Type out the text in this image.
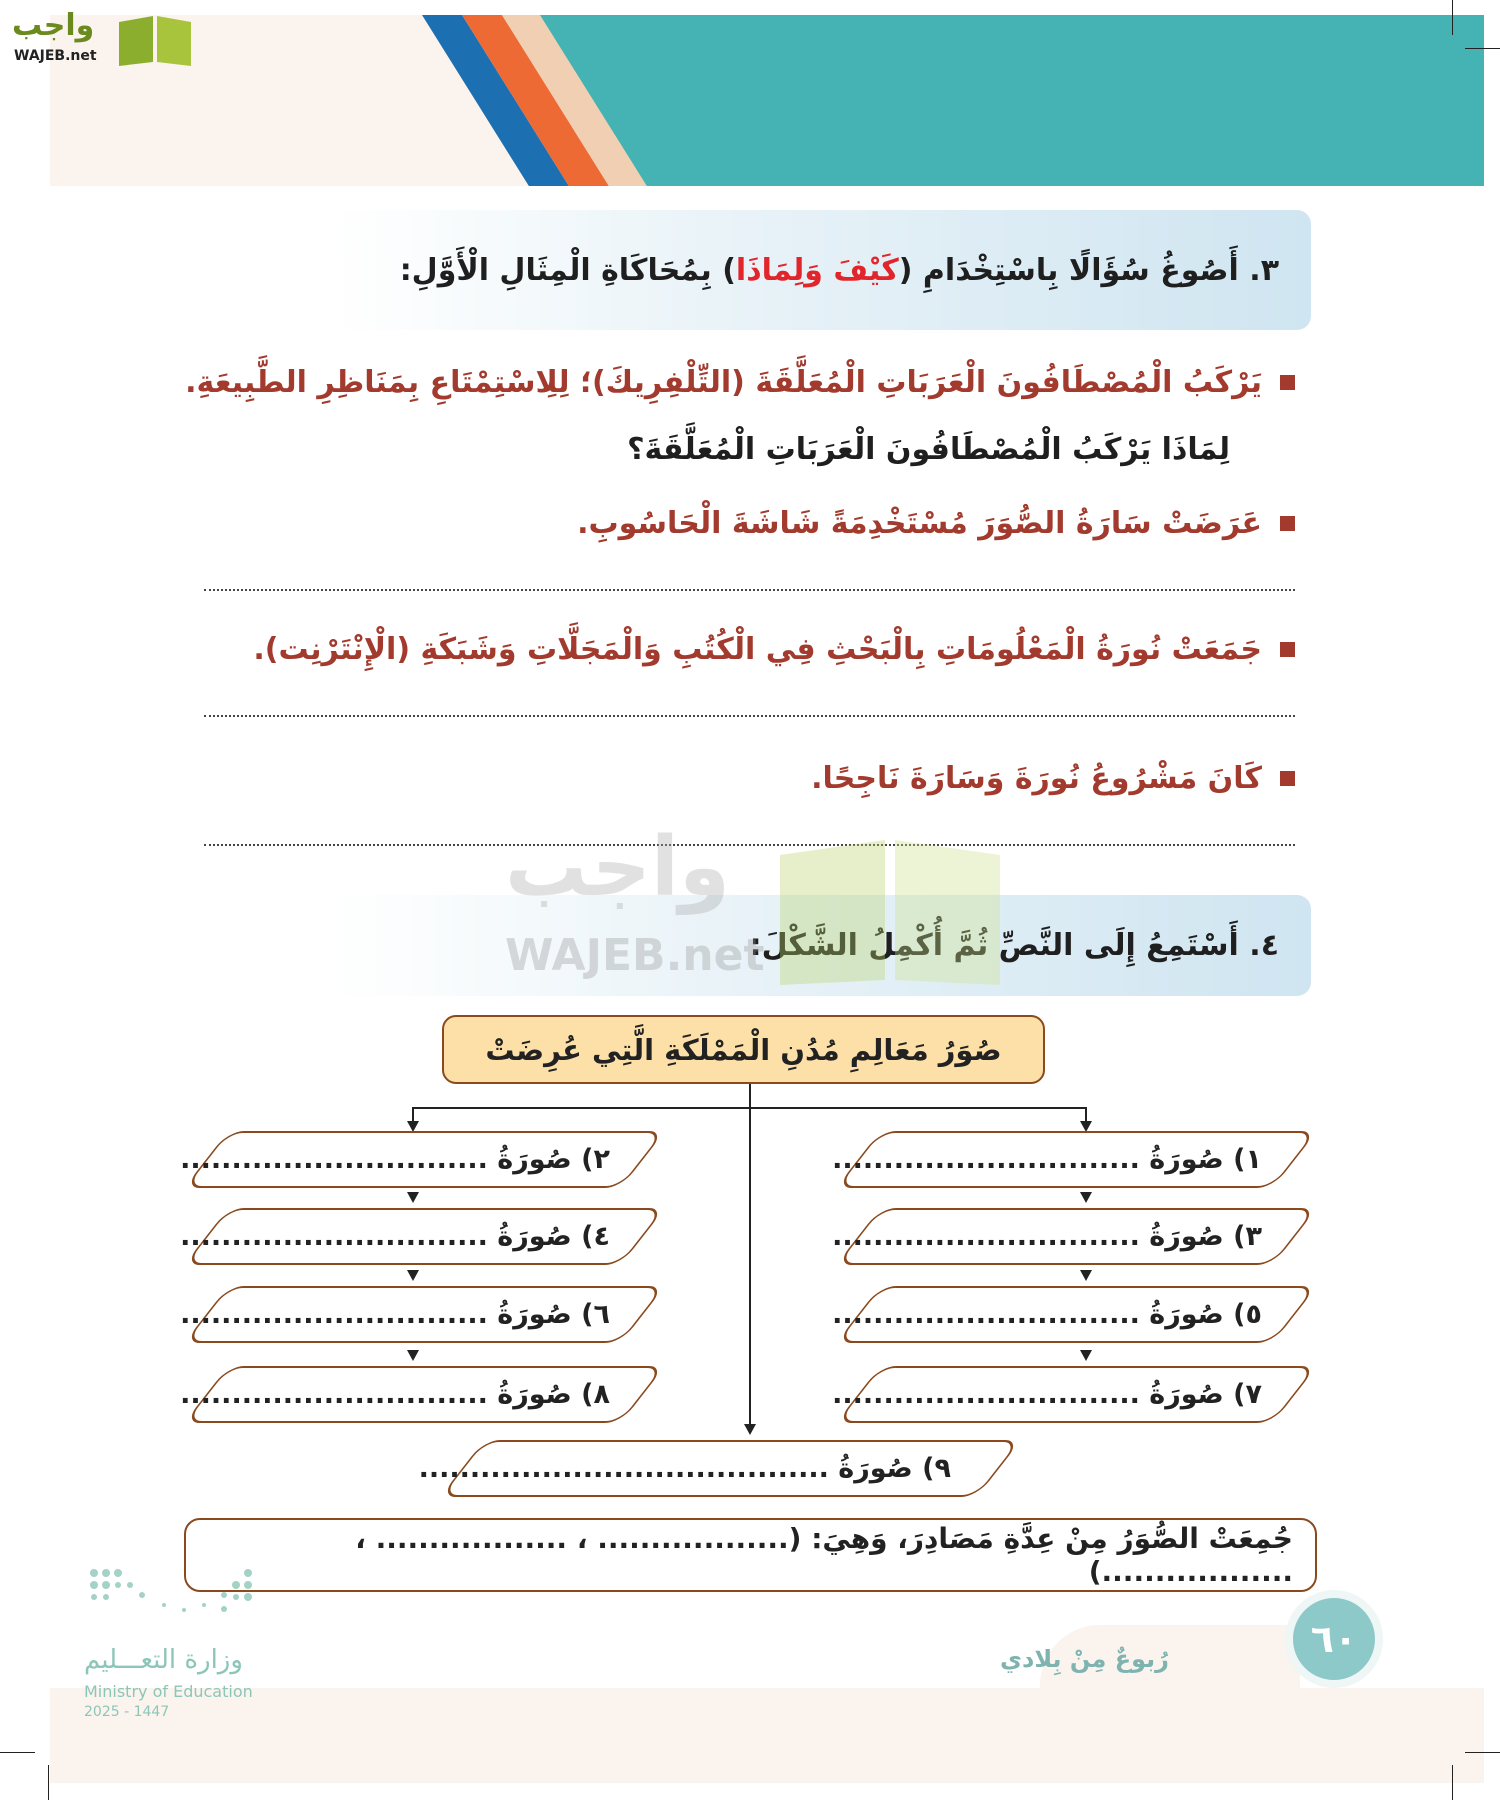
واجب
WAJEB.net
٣.

أَصُوغُ سُؤَالًا بِاسْتِخْدَامِ (
كَيْفَ وَلِمَاذَا
) بِمُحَاكَاةِ الْمِثَالِ الْأَوَّلِ:
يَرْكَبُ الْمُصْطَافُونَ الْعَرَبَاتِ الْمُعَلَّقَةَ (التِّلْفِرِيكَ)؛ لِلِاسْتِمْتَاعِ بِمَنَاظِرِ الطَّبِيعَةِ.
لِمَاذَا يَرْكَبُ الْمُصْطَافُونَ الْعَرَبَاتِ الْمُعَلَّقَةَ؟
عَرَضَتْ سَارَةُ الصُّوَرَ مُسْتَخْدِمَةً شَاشَةَ الْحَاسُوبِ.
جَمَعَتْ نُورَةُ الْمَعْلُومَاتِ بِالْبَحْثِ فِي الْكُتُبِ وَالْمَجَلَّاتِ وَشَبَكَةِ (الْإِنْتَرْنِت).
كَانَ مَشْرُوعُ نُورَةَ وَسَارَةَ نَاجِحًا.
٤.

أَسْتَمِعُ إِلَى النَّصِّ ثُمَّ أُكْمِلُ الشَّكْلَ:
واجب
WAJEB.net
صُوَرُ مَعَالِمِ مُدُنِ الْمَمْلَكَةِ الَّتِي عُرِضَتْ
١) صُورَةُ ..............................
٣) صُورَةُ ..............................
٥) صُورَةُ ..............................
٧) صُورَةُ ..............................
٢) صُورَةُ ..............................
٤) صُورَةُ ..............................
٦) صُورَةُ ..............................
٨) صُورَةُ ..............................
٩) صُورَةُ ........................................
جُمِعَتْ الصُّوَرُ مِنْ عِدَّةِ مَصَادِرَ، وَهِيَ: (.................. ، .................. ، ..................)
رُبوعٌ مِنْ بِلادي	٦٠
وزارة التعـــليم
Ministry of Education
2025 - 1447
